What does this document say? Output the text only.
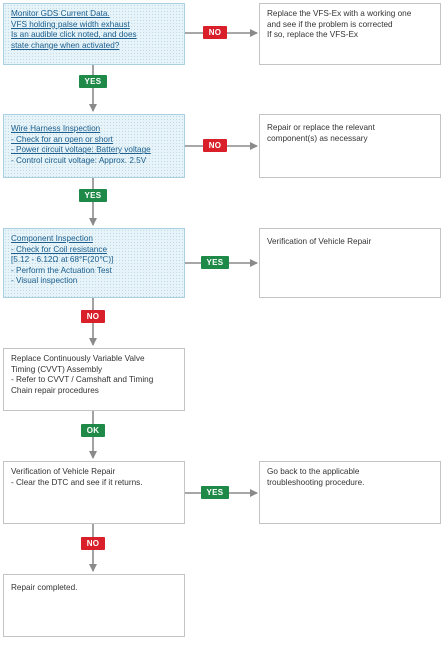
Monitor GDS Current Data.
VFS holding palse width exhaust
Is an audible click noted, and does
state change when activated?
Wire Harness Inspection
- Check for an open or short
- Power circuit voltage: Battery voltage
- Control circuit voltage: Approx. 2.5V
Component Inspection
- Check for Coil resistance
[5.12 - 6.12Ω at 68°F(20℃)]
- Perform the Actuation Test
- Visual inspection
Replace Continuously Variable Valve
Timing (CVVT) Assembly
- Refer to CVVT / Camshaft and Timing
Chain repair procedures
Verification of Vehicle Repair
- Clear the DTC and see if it returns.
Repair completed.
Replace the VFS-Ex with a working one
and see if the problem is corrected
If so, replace the VFS-Ex
Repair or replace the relevant
component(s) as necessary
Verification of Vehicle Repair
Go back to the applicable
troubleshooting procedure.
NO
NO
YES
YES
YES
YES
NO
OK
NO
